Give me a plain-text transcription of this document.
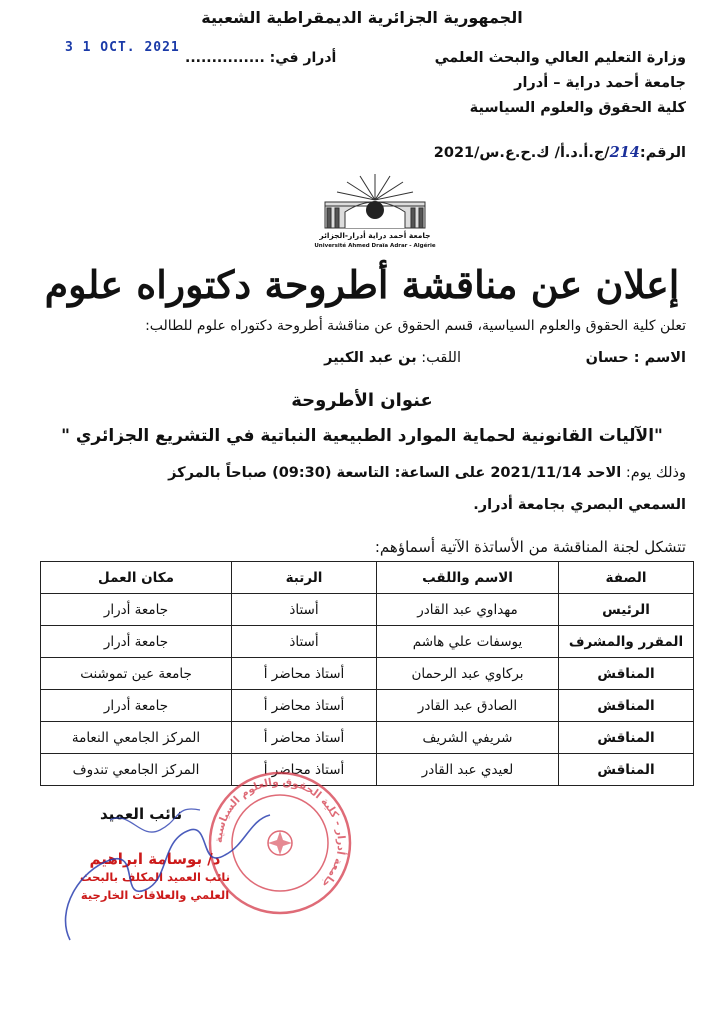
الجمهورية الجزائرية الديمقراطية الشعبية
وزارة التعليم العالي والبحث العلمي
جامعة أحمد دراية – أدرار
كلية الحقوق والعلوم السياسية
الرقم:214/ج.أ.د.أ/ ك.ح.ع.س/2021
3 1 OCT. 2021
أدرار في: ...............
جامعة أحمد دراية أدرار-الجزائر
Université Ahmed Draïa Adrar - Algérie
إعلان عن مناقشة أطروحة دكتوراه علوم
تعلن كلية الحقوق والعلوم السياسية، قسم الحقوق عن مناقشة أطروحة دكتوراه علوم للطالب:
الاسم : حسان
اللقب: بن عبد الكبير
عنوان الأطروحة
"الآليات القانونية لحماية الموارد الطبيعية النباتية في التشريع الجزائري "
وذلك يوم: الاحد 2021/11/14 على الساعة: التاسعة (09:30) صباحاً بالمركز
السمعي البصري بجامعة أدرار.
تتشكل لجنة المناقشة من الأساتذة الآتية أسماؤهم:
الصفة	الاسم واللقب	الرتبة	مكان العمل
الرئيس	مهداوي عبد القادر	أستاذ	جامعة أدرار
المقرر والمشرف	يوسفات علي هاشم	أستاذ	جامعة أدرار
المناقش	بركاوي عبد الرحمان	أستاذ محاضر أ	جامعة عين تموشنت
المناقش	الصادق عبد القادر	أستاذ محاضر أ	جامعة أدرار
المناقش	شريفي الشريف	أستاذ محاضر أ	المركز الجامعي النعامة
المناقش	لعيدي عبد القادر	أستاذ محاضر أ	المركز الجامعي تندوف
نائب العميد
جامعة أدرار - كلية الحقوق والعلوم السياسية
د/ بوسامة ابراهيم
نائب العميد المكلف بالبحث
العلمي والعلاقات الخارجية
